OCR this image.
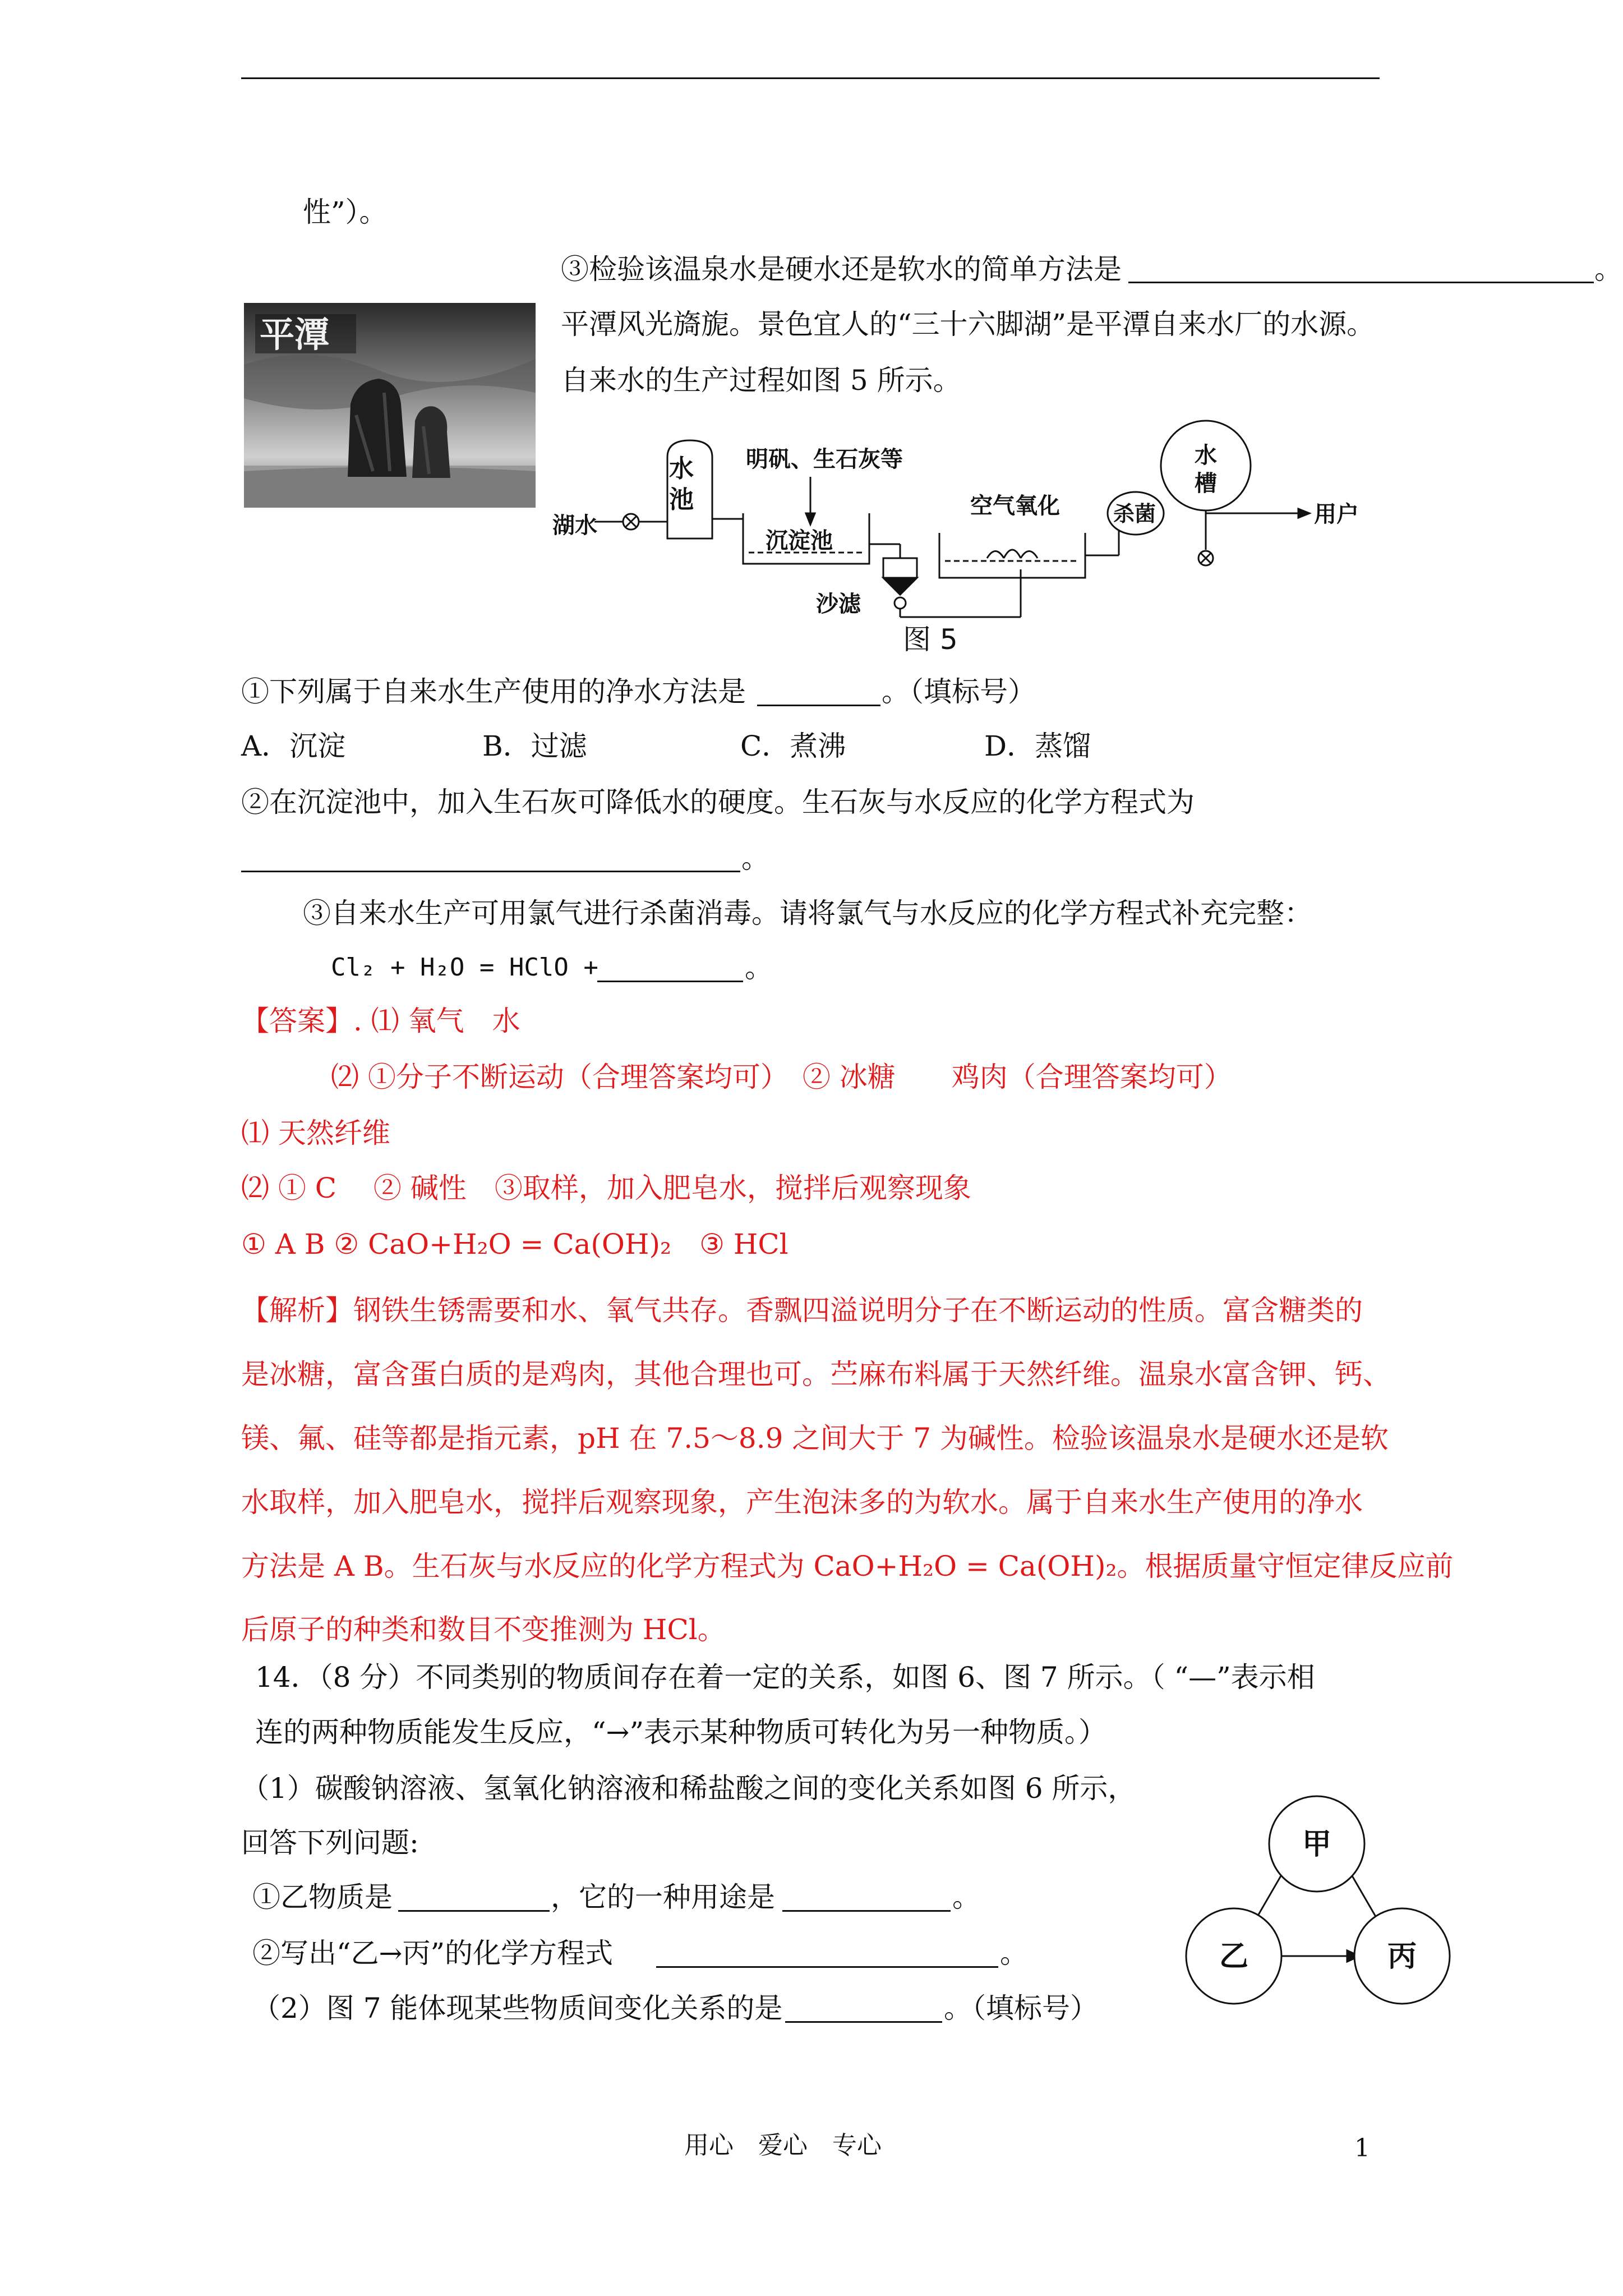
性”）。
③检验该温泉水是硬水还是软水的简单方法是	。
平潭风光旖旎。景色宜人的“三十六脚湖”是平潭自来水厂的水源。
自来水的生产过程如图 5 所示。
平潭
水
池
明矾、生石灰等
湖水
沉淀池
沙滤
空气氧化	杀菌
水
槽
用户
图 5
①下列属于自来水生产使用的净水方法是	。（填标号）
A．沉淀	B．过滤	C．煮沸	D．蒸馏
②在沉淀池中，加入生石灰可降低水的硬度。生石灰与水反应的化学方程式为
。
③自来水生产可用氯气进行杀菌消毒。请将氯气与水反应的化学方程式补充完整：
Cl₂ + H₂O = HClO +	。
【答案】. ⑴ 氧气　水
⑵ ①分子不断运动（合理答案均可）　② 冰糖　　鸡肉（合理答案均可）
⑴ 天然纤维
⑵ ① C　 ② 碱性　③取样，加入肥皂水，搅拌后观察现象
① A B ② CaO+H₂O = Ca(OH)₂　③ HCl
【解析】钢铁生锈需要和水、氧气共存。香飘四溢说明分子在不断运动的性质。富含糖类的
是冰糖，富含蛋白质的是鸡肉，其他合理也可。苎麻布料属于天然纤维。温泉水富含钾、钙、
镁、氟、硅等都是指元素，pH 在 7.5～8.9 之间大于 7 为碱性。检验该温泉水是硬水还是软
水取样，加入肥皂水，搅拌后观察现象，产生泡沫多的为软水。属于自来水生产使用的净水
方法是 A B。生石灰与水反应的化学方程式为 CaO+H₂O = Ca(OH)₂。根据质量守恒定律反应前
后原子的种类和数目不变推测为 HCl。
14．（8 分）不同类别的物质间存在着一定的关系，如图 6、图 7 所示。（ “—”表示相
连的两种物质能发生反应，“→”表示某种物质可转化为另一种物质。）
（1）碳酸钠溶液、氢氧化钠溶液和稀盐酸之间的变化关系如图 6 所示，
回答下列问题:
①乙物质是	，它的一种用途是	。
②写出“乙→丙”的化学方程式	。
（2）图 7 能体现某些物质间变化关系的是	。（填标号）
甲
乙	丙
用心　爱心　专心	1
